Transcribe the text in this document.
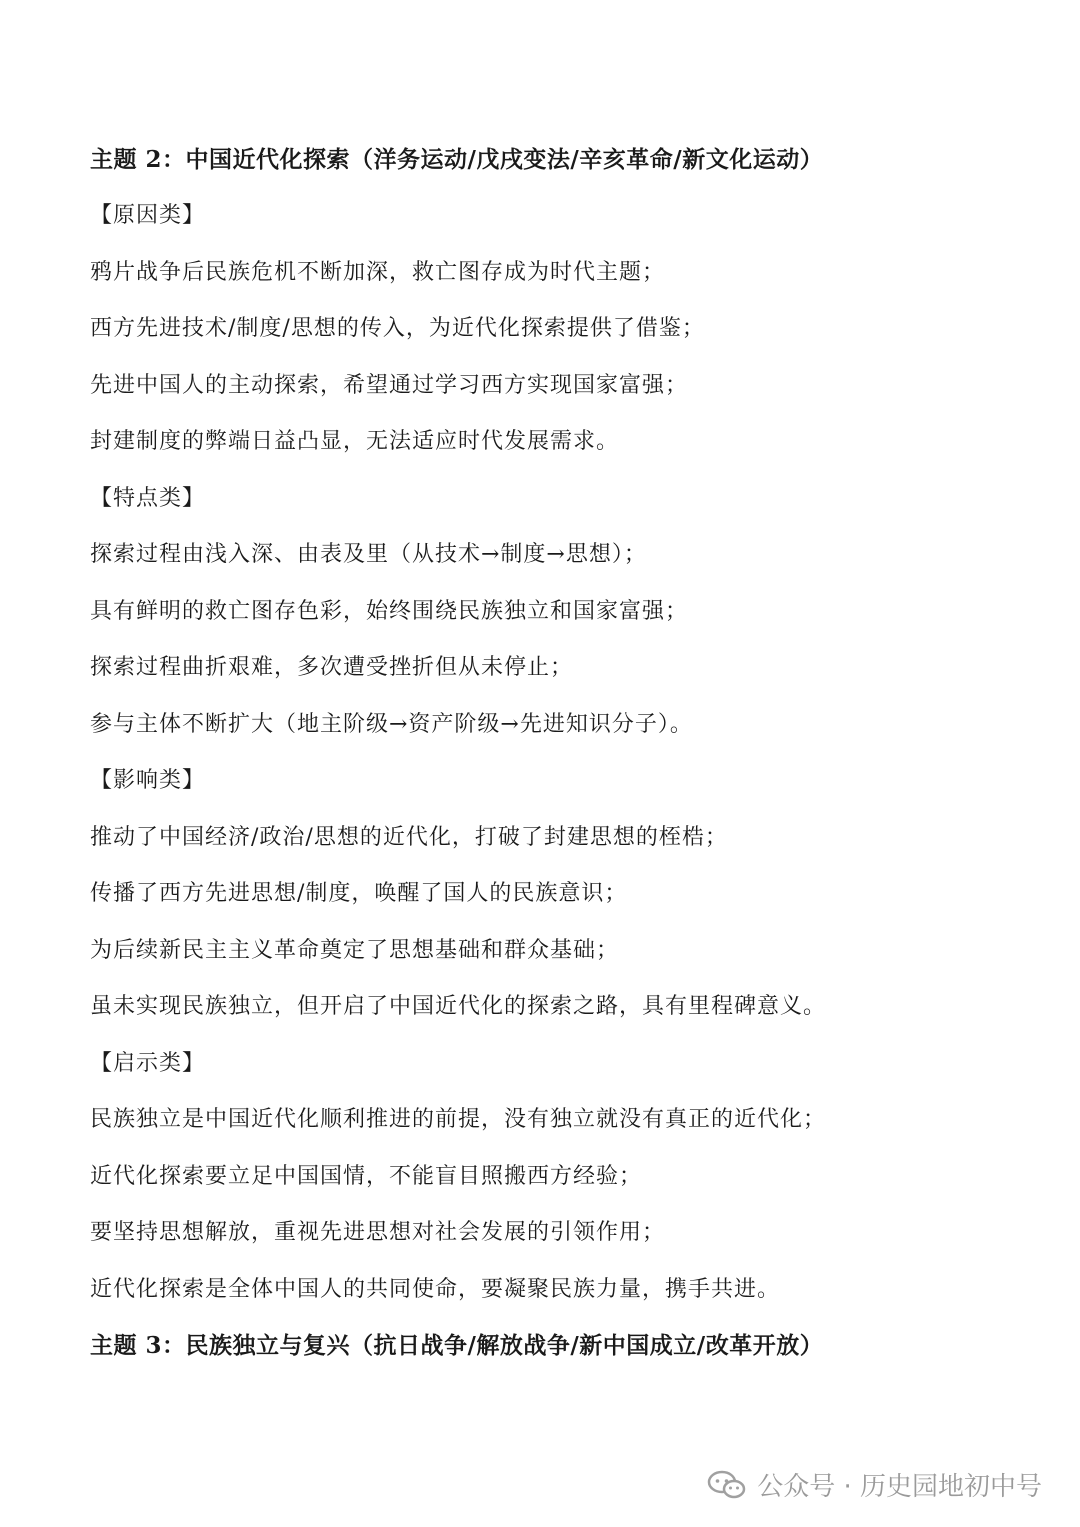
主题 2：中国近代化探索（洋务运动/戊戌变法/辛亥革命/新文化运动）
【原因类】
鸦片战争后民族危机不断加深，救亡图存成为时代主题；
西方先进技术/制度/思想的传入，为近代化探索提供了借鉴；
先进中国人的主动探索，希望通过学习西方实现国家富强；
封建制度的弊端日益凸显，无法适应时代发展需求。
【特点类】
探索过程由浅入深、由表及里（从技术→制度→思想）；
具有鲜明的救亡图存色彩，始终围绕民族独立和国家富强；
探索过程曲折艰难，多次遭受挫折但从未停止；
参与主体不断扩大（地主阶级→资产阶级→先进知识分子）。
【影响类】
推动了中国经济/政治/思想的近代化，打破了封建思想的桎梏；
传播了西方先进思想/制度，唤醒了国人的民族意识；
为后续新民主主义革命奠定了思想基础和群众基础；
虽未实现民族独立，但开启了中国近代化的探索之路，具有里程碑意义。
【启示类】
民族独立是中国近代化顺利推进的前提，没有独立就没有真正的近代化；
近代化探索要立足中国国情，不能盲目照搬西方经验；
要坚持思想解放，重视先进思想对社会发展的引领作用；
近代化探索是全体中国人的共同使命，要凝聚民族力量，携手共进。
主题 3：民族独立与复兴（抗日战争/解放战争/新中国成立/改革开放）
公众号 · 历史园地初中号
